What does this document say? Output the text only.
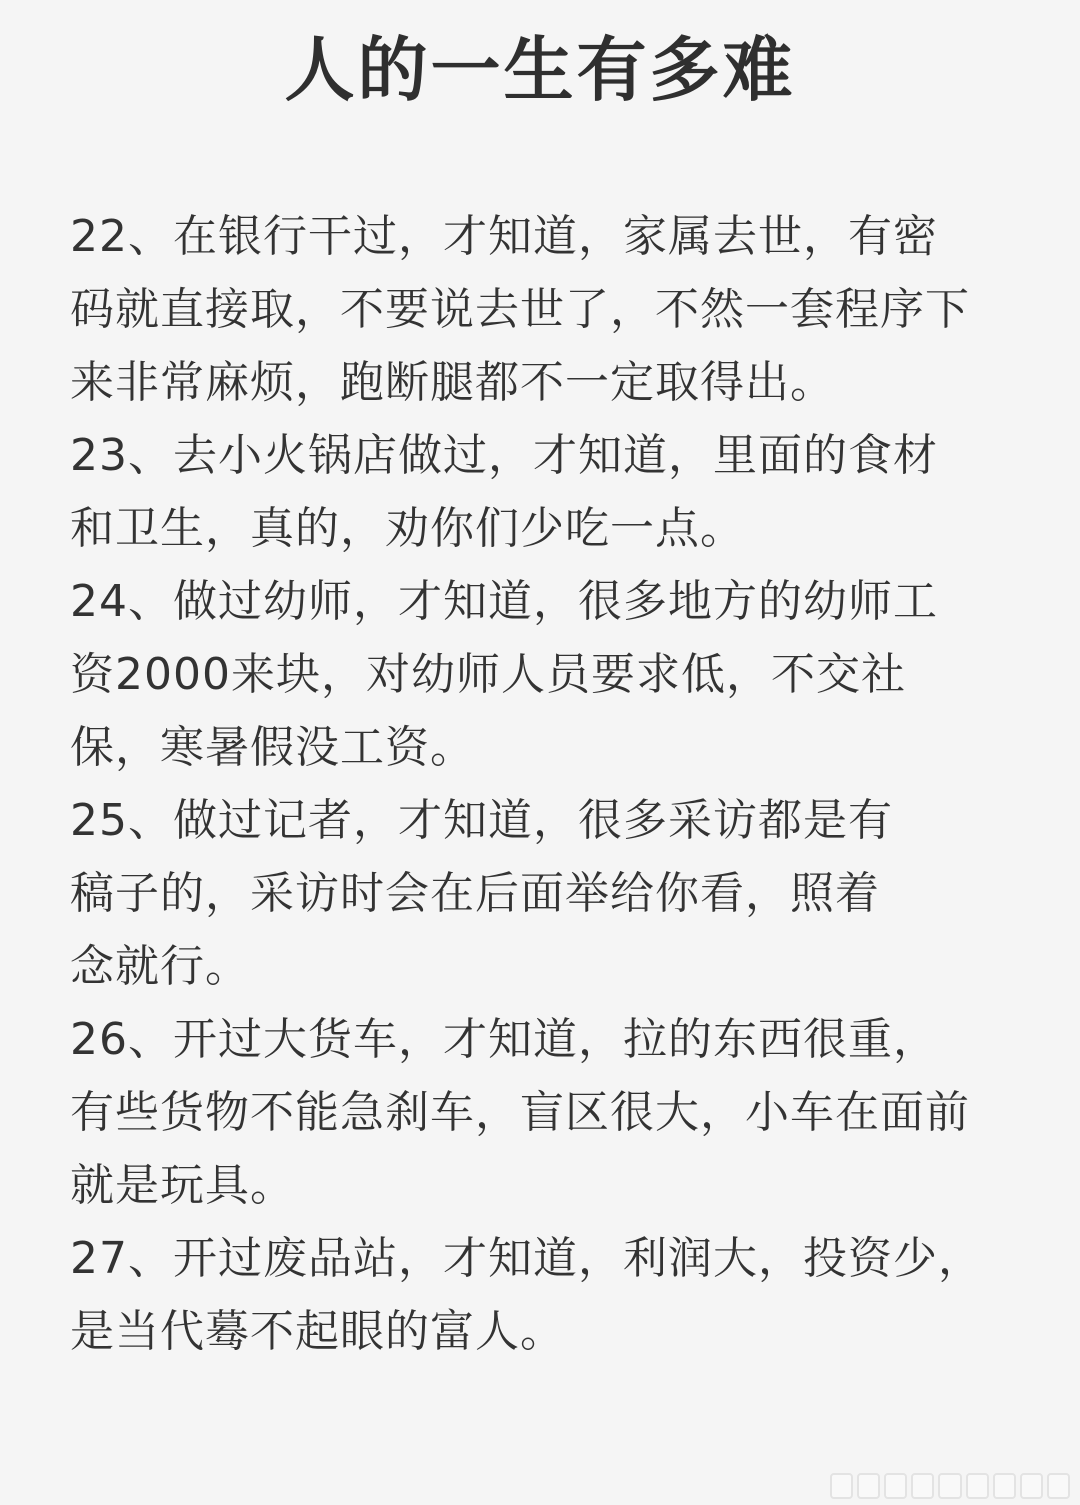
人的一生有多难
22、在银行干过，才知道，家属去世，有密
码就直接取，不要说去世了，不然一套程序下
来非常麻烦，跑断腿都不一定取得出。
23、去小火锅店做过，才知道，里面的食材
和卫生，真的，劝你们少吃一点。
24、做过幼师，才知道，很多地方的幼师工
资2000来块，对幼师人员要求低，不交社
保，寒暑假没工资。
25、做过记者，才知道，很多采访都是有
稿子的，采访时会在后面举给你看，照着
念就行。
26、开过大货车，才知道，拉的东西很重，
有些货物不能急刹车，盲区很大，小车在面前
就是玩具。
27、开过废品站，才知道，利润大，投资少，
是当代蓦不起眼的富人。
